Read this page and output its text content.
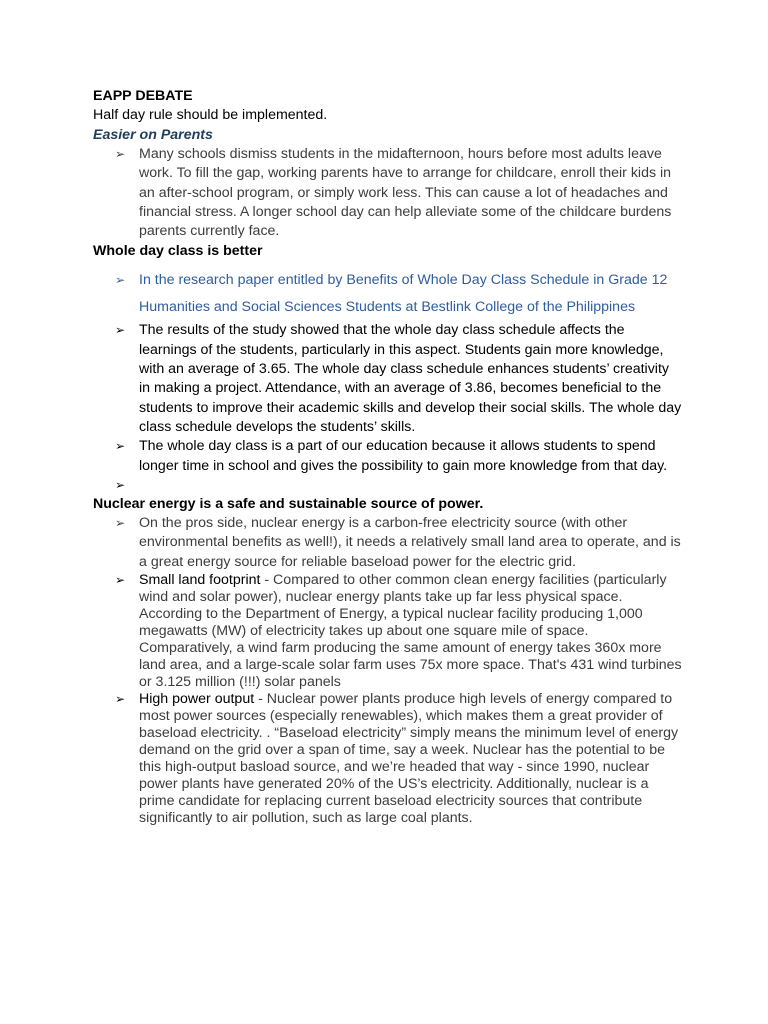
EAPP DEBATE

Half day rule should be implemented.

Easier on Parents

➢ Many schools dismiss students in the midafternoon, hours before most adults leave work. To fill the gap, working parents have to arrange for childcare, enroll their kids in an after-school program, or simply work less. This can cause a lot of headaches and financial stress. A longer school day can help alleviate some of the childcare burdens parents currently face.

Whole day class is better

➢ In the research paper entitled by Benefits of Whole Day Class Schedule in Grade 12 Humanities and Social Sciences Students at Bestlink College of the Philippines
➢ The results of the study showed that the whole day class schedule affects the learnings of the students, particularly in this aspect. Students gain more knowledge, with an average of 3.65. The whole day class schedule enhances students’ creativity in making a project. Attendance, with an average of 3.86, becomes beneficial to the students to improve their academic skills and develop their social skills. The whole day class schedule develops the students’ skills.
➢ The whole day class is a part of our education because it allows students to spend longer time in school and gives the possibility to gain more knowledge from that day.
➢

Nuclear energy is a safe and sustainable source of power.

➢ On the pros side, nuclear energy is a carbon-free electricity source (with other environmental benefits as well!), it needs a relatively small land area to operate, and is a great energy source for reliable baseload power for the electric grid.
➢ Small land footprint - Compared to other common clean energy facilities (particularly wind and solar power), nuclear energy plants take up far less physical space. According to the Department of Energy, a typical nuclear facility producing 1,000 megawatts (MW) of electricity takes up about one square mile of space. Comparatively, a wind farm producing the same amount of energy takes 360x more land area, and a large-scale solar farm uses 75x more space. That's 431 wind turbines or 3.125 million (!!!) solar panels
➢ High power output - Nuclear power plants produce high levels of energy compared to most power sources (especially renewables), which makes them a great provider of baseload electricity. . “Baseload electricity” simply means the minimum level of energy demand on the grid over a span of time, say a week. Nuclear has the potential to be this high-output basload source, and we’re headed that way - since 1990, nuclear power plants have generated 20% of the US’s electricity. Additionally, nuclear is a prime candidate for replacing current baseload electricity sources that contribute significantly to air pollution, such as large coal plants.
